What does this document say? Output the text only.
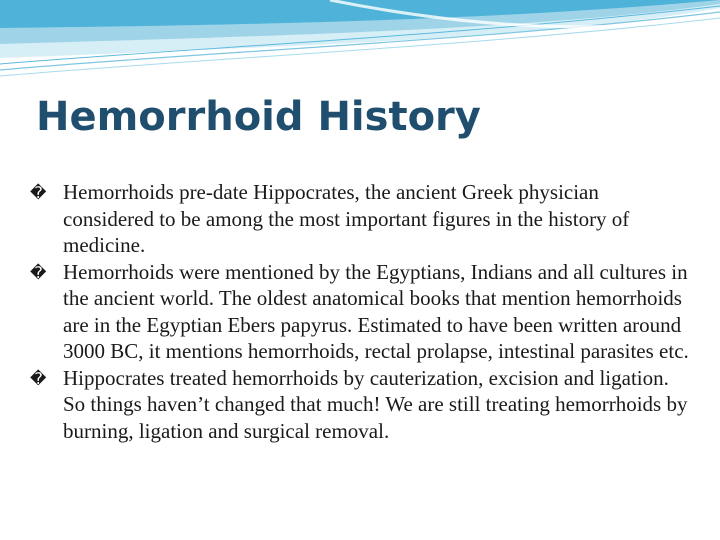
Hemorrhoid History
� Hemorrhoids pre-date Hippocrates, the ancient Greek physician considered to be among the most important figures in the history of medicine.
� Hemorrhoids were mentioned by the Egyptians, Indians and all cultures in the ancient world. The oldest anatomical books that mention hemorrhoids are in the Egyptian Ebers papyrus. Estimated to have been written around 3000 BC, it mentions hemorrhoids, rectal prolapse, intestinal parasites etc.
� Hippocrates treated hemorrhoids by cauterization, excision and ligation. So things haven’t changed that much! We are still treating hemorrhoids by burning, ligation and surgical removal.
